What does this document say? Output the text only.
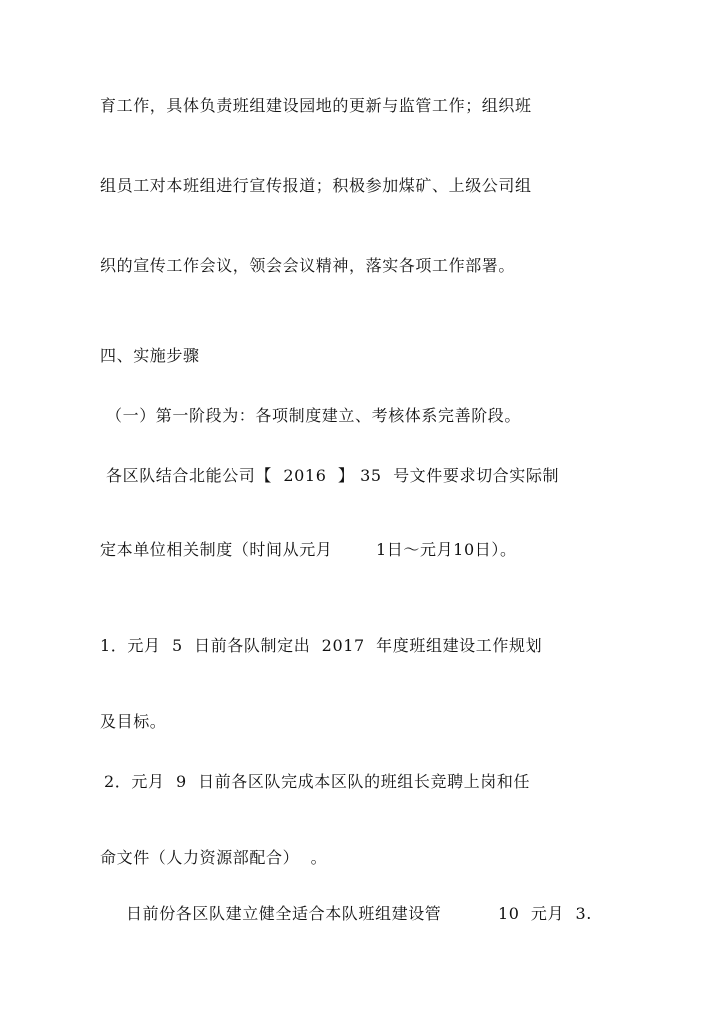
育工作，具体负责班组建设园地的更新与监管工作；组织班
组员工对本班组进行宣传报道；积极参加煤矿、上级公司组
织的宣传工作会议，领会会议精神，落实各项工作部署。
四、实施步骤
（一）第一阶段为：各项制度建立、考核体系完善阶段。
各区队结合北能公司【  2016  】 35  号文件要求切合实际制
定本单位相关制度（时间从元月	1日～元月10日）。
1．元月  5  日前各队制定出  2017  年度班组建设工作规划
及目标。
2．元月  9  日前各区队完成本区队的班组长竞聘上岗和任
命文件（人力资源部配合）  。
日前份各区队建立健全适合本队班组建设管	10  元月  3.
